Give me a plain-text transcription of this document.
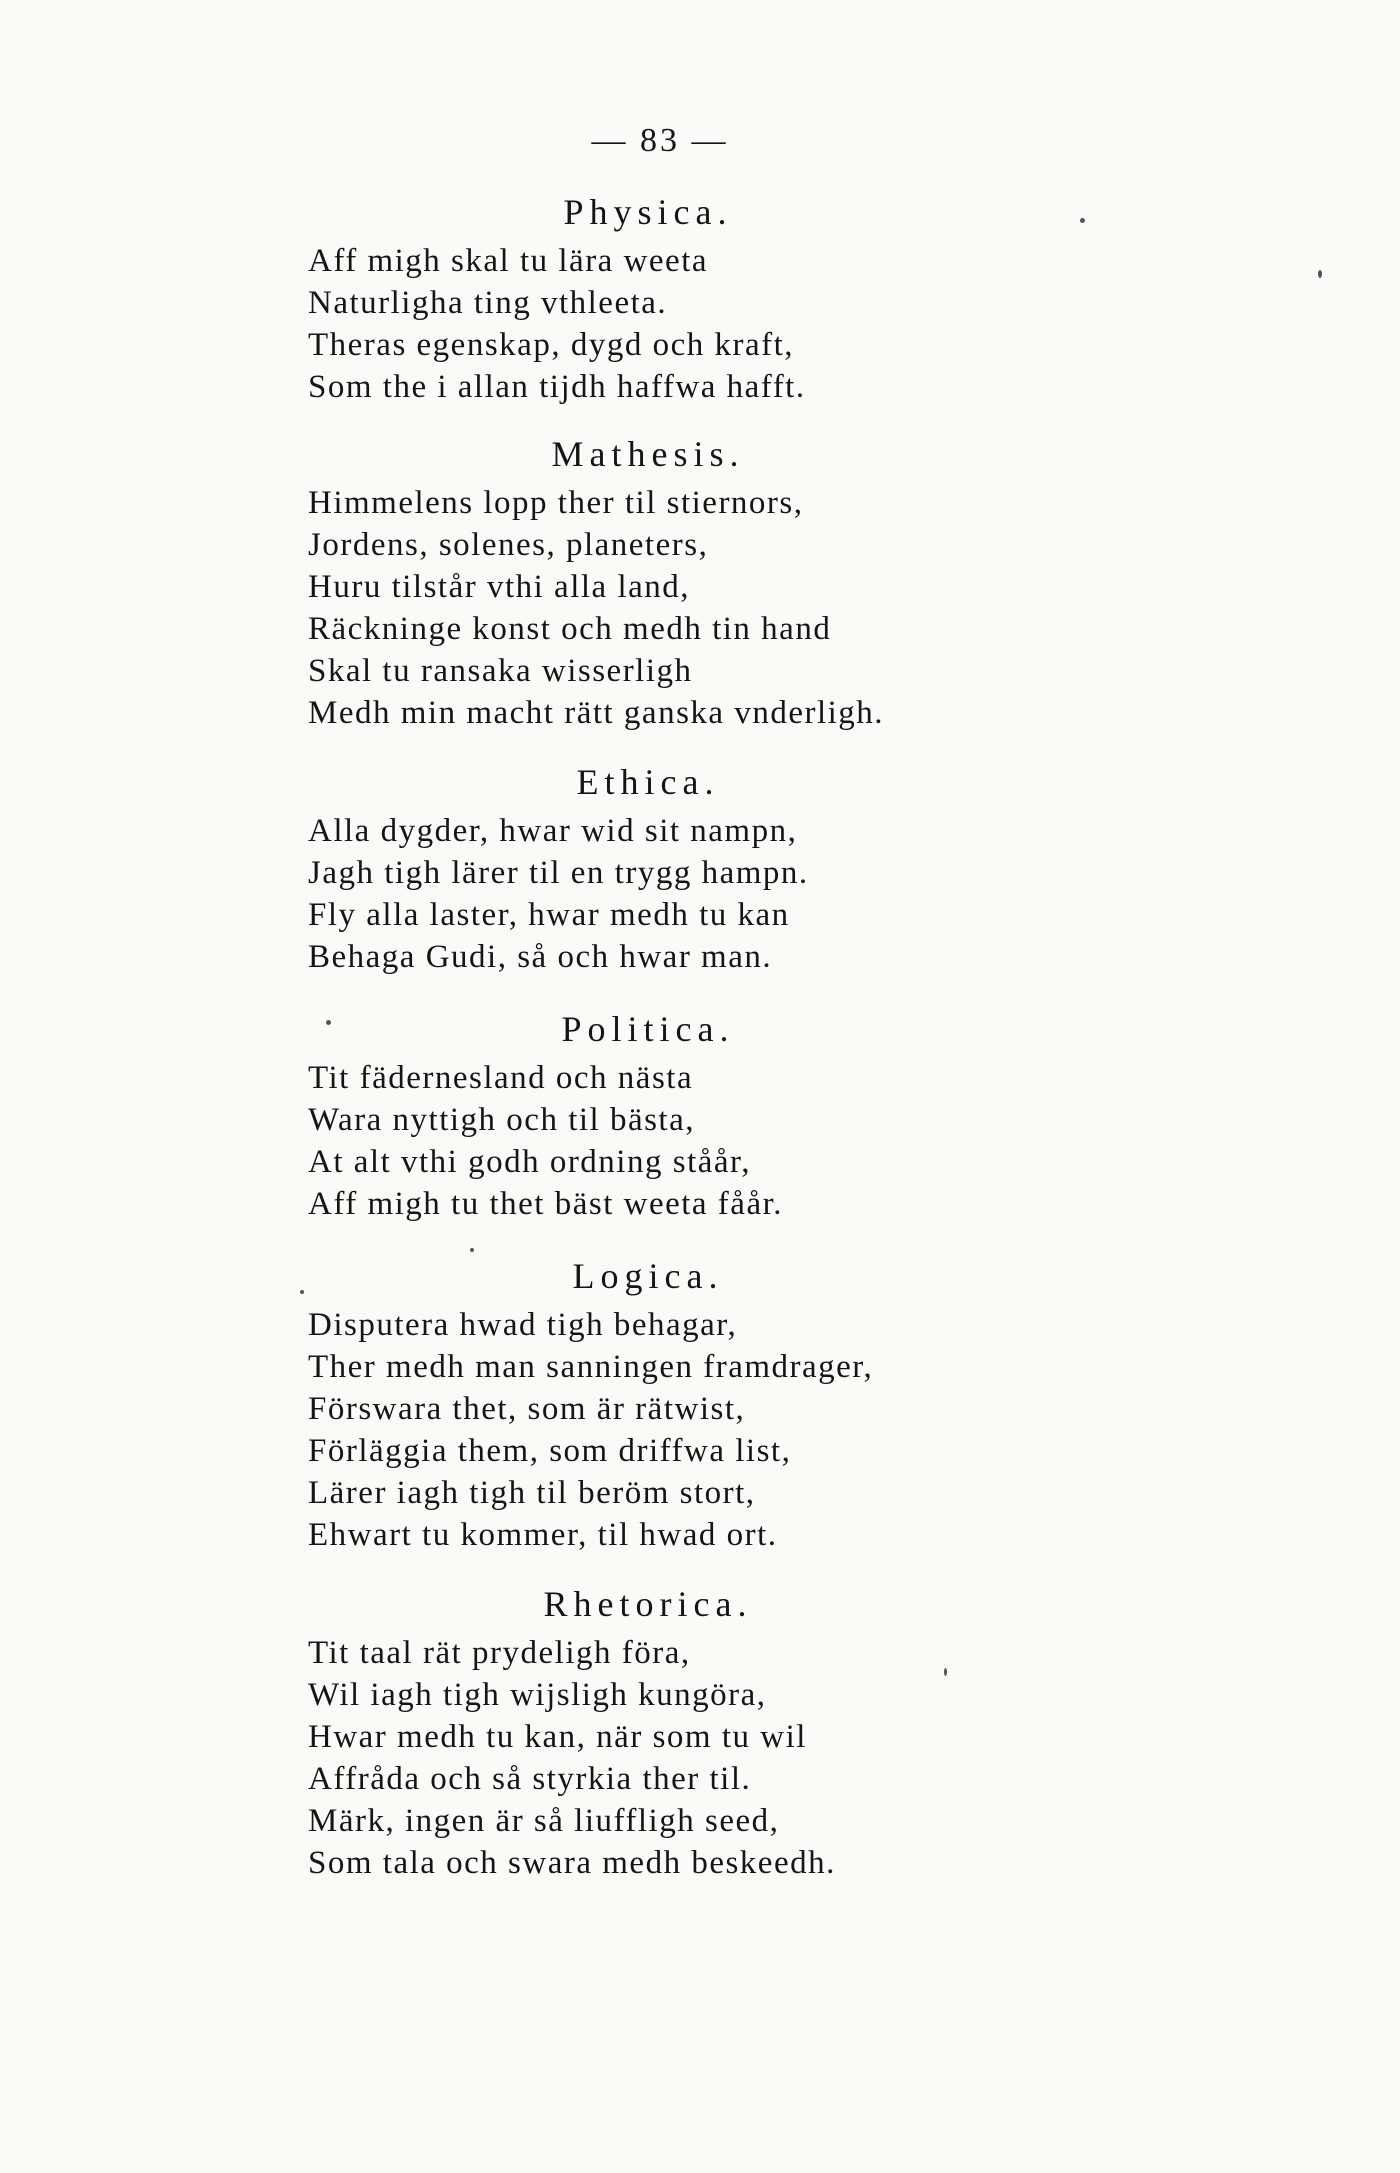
— 83 —
Physica.
Aff migh skal tu lära weeta
Naturligha ting vthleeta.
Theras egenskap, dygd och kraft,
Som the i allan tijdh haffwa hafft.
Mathesis.
Himmelens lopp ther til stiernors,
Jordens, solenes, planeters,
Huru tilstår vthi alla land,
Räckninge konst och medh tin hand
Skal tu ransaka wisserligh
Medh min macht rätt ganska vnderligh.
Ethica.
Alla dygder, hwar wid sit nampn,
Jagh tigh lärer til en trygg hampn.
Fly alla laster, hwar medh tu kan
Behaga Gudi, så och hwar man.
Politica.
Tit fädernesland och nästa
Wara nyttigh och til bästa,
At alt vthi godh ordning ståår,
Aff migh tu thet bäst weeta fåår.
Logica.
Disputera hwad tigh behagar,
Ther medh man sanningen framdrager,
Förswara thet, som är rätwist,
Förläggia them, som driffwa list,
Lärer iagh tigh til beröm stort,
Ehwart tu kommer, til hwad ort.
Rhetorica.
Tit taal rät prydeligh föra,
Wil iagh tigh wijsligh kungöra,
Hwar medh tu kan, när som tu wil
Affråda och så styrkia ther til.
Märk, ingen är så liuffligh seed,
Som tala och swara medh beskeedh.
